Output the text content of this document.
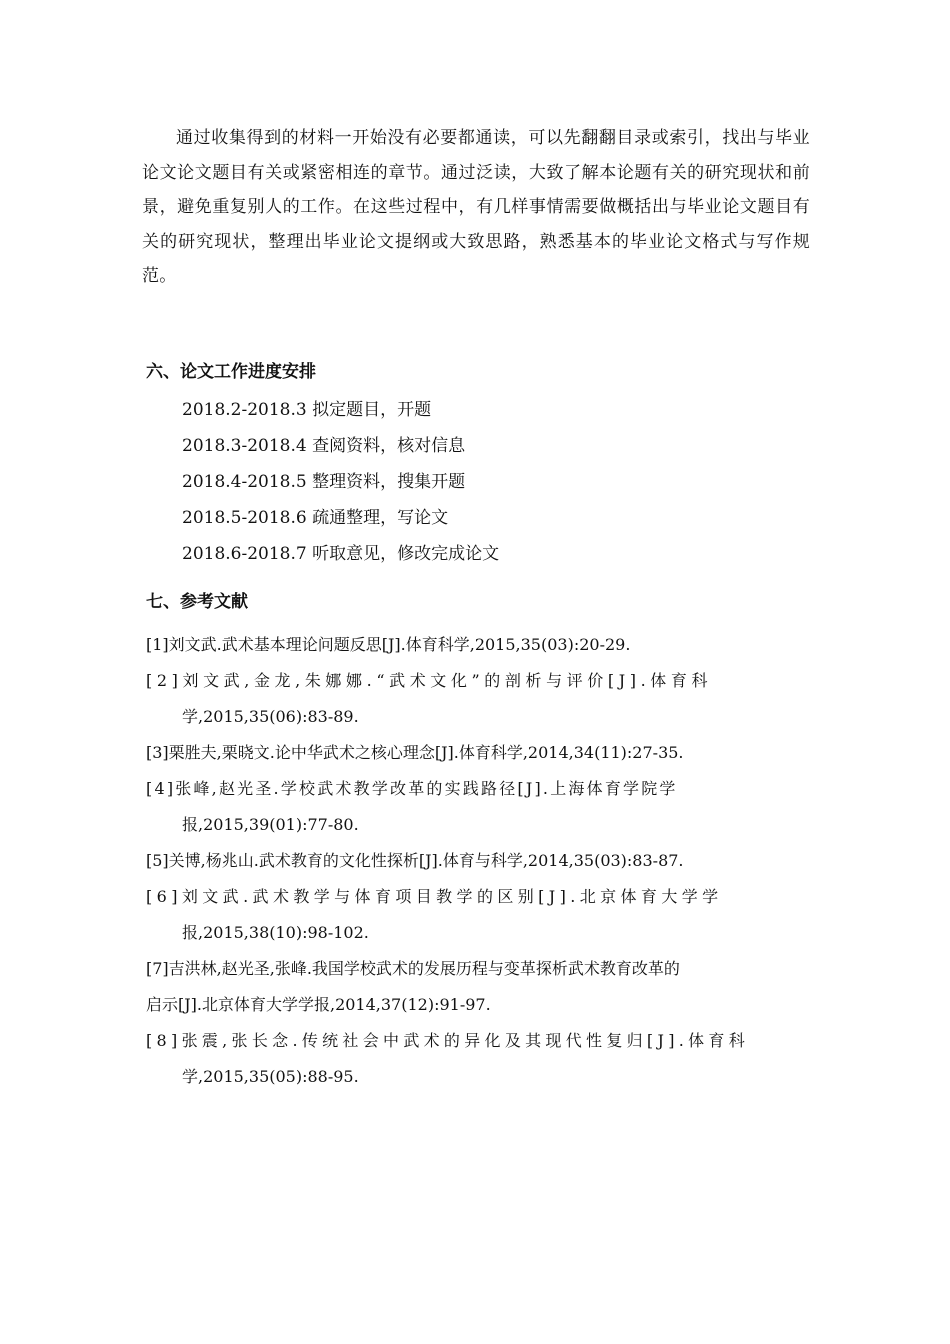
通过收集得到的材料一开始没有必要都通读，可以先翻翻目录或索引，找出与毕业论文论文题目有关或紧密相连的章节。通过泛读，大致了解本论题有关的研究现状和前景，避免重复别人的工作。在这些过程中，有几样事情需要做概括出与毕业论文题目有关的研究现状，整理出毕业论文提纲或大致思路，熟悉基本的毕业论文格式与写作规范。

六、论文工作进度安排
2018.2-2018.3 拟定题目，开题
2018.3-2018.4 查阅资料，核对信息
2018.4-2018.5 整理资料，搜集开题
2018.5-2018.6 疏通整理，写论文
2018.6-2018.7 听取意见，修改完成论文
七、参考文献
[1]刘文武.武术基本理论问题反思[J].体育科学,2015,35(03):20-29.
[2]刘文武,金龙,朱娜娜.“武术文化”的剖析与评价[J].体育科
学,2015,35(06):83-89.
[3]栗胜夫,栗晓文.论中华武术之核心理念[J].体育科学,2014,34(11):27-35.
[4]张峰,赵光圣.学校武术教学改革的实践路径[J].上海体育学院学
报,2015,39(01):77-80.
[5]关博,杨兆山.武术教育的文化性探析[J].体育与科学,2014,35(03):83-87.
[6]刘文武.武术教学与体育项目教学的区别[J].北京体育大学学
报,2015,38(10):98-102.
[7]吉洪林,赵光圣,张峰.我国学校武术的发展历程与变革探析武术教育改革的
启示[J].北京体育大学学报,2014,37(12):91-97.
[8]张震,张长念.传统社会中武术的异化及其现代性复归[J].体育科
学,2015,35(05):88-95.
